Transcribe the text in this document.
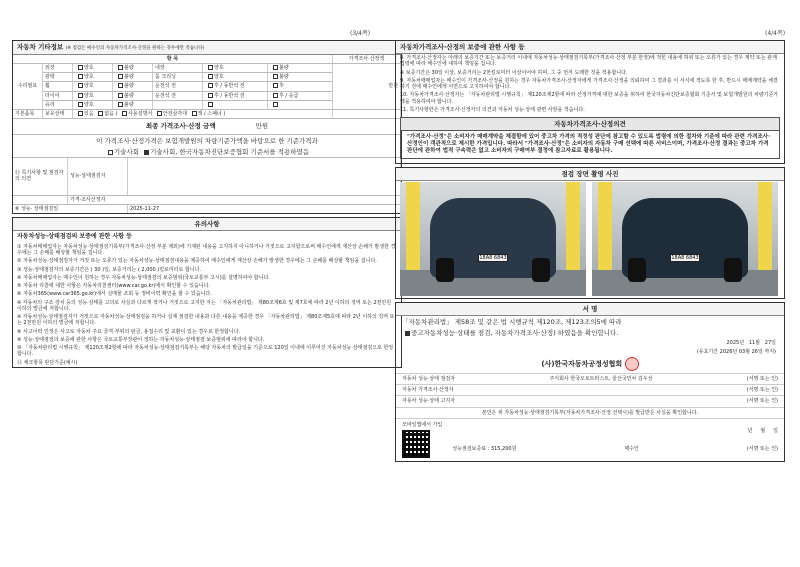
(3/4쪽)
자동차 기타정보 (※ 점검은 매수인의 자동차가격조사·산정을 원하는 경우에만 적습니다)
항 목	가격조사·산정액
수리필요
외장	양호	불량	내장	양호	불량
광택	양호	불량	룸 크리닝	양호	불량
휠	양호	불량	운전석 전	후 / 동반석 전	후
타이어	양호	불량	운전석 전	후 / 동반석 전	후 / 응급
유리	양호	불량
만원
기본품목	보유상태	있음 없음 ( 사용설명서 안전삼각대 잭 / 스패너 )
최종 가격조사·산정 금액	만원
이 가격조사·산정가격은 보험개발원의 차량기준가액을 바탕으로 한 기준가격과
기술사회 기술사회, 한국자동차진단보증협회 기준서를 적용하였음
⑪ 특기사항 및 점검자의 의견
성능·상태점검자
가격·조사산정자
⑥ 성능· 상태점검일	2025-11-27
유의사항
자동차성능·상태점검의 보증에 관한 사항 등

① 자동차매매업자는 자동차성능·상태점검기록부(가격조사·산정 부분 제외)에 기재된 내용을 고지하지 아니하거나 거짓으로 고지함으로써 매수인에게 재산상 손해가 발생한 경우에는 그 손해를 배상할 책임을 집니다.

② 자동차성능·상태점검자가 거짓 또는 오류가 있는 자동차성능·상태점검내용을 제공하여 매수인에게 재산상 손해가 발생한 경우에는 그 손해를 배상할 책임을 집니다.

③ 성능·상태점검자의 보증기간은 ( 30 )일, 보증거리는 ( 2,000 )킬로미터로 합니다.

④ 자동차매매업자는 매수인이 원하는 경우 자동차성능·상태점검의 보증범위(국토교통부 고시)를 설명하여야 합니다.

⑤ 자동차 리콜에 대한 사항은 자동차리콜센터(www.car.go.kr)에서 확인할 수 있습니다.

⑥ 자동차365(www.car365.go.kr)에서 실매물 조회 등 정비이력 확인을 할 수 있습니다.

※ 자동차의 구조·장치 등의 성능·상태를 고의로 사실과 다르게 적거나 거짓으로 고지한 자는 「자동차관리법」 제80조제6호 및 제7호에 따라 2년 이하의 징역 또는 2천만원 이하의 벌금에 처합니다.

※ 자동차성능·상태점검자가 거짓으로 자동차성능·상태점검을 하거나 실제 점검한 내용과 다른 내용을 제공한 경우 「자동차관리법」 제80조제5호에 따라 2년 이하의 징역 또는 2천만원 이하의 벌금에 처합니다.

⑧ 사고이력 인정은 사고로 자동차 주요 골격 부위의 판금, 용접수리 및 교환이 있는 경우로 한정합니다.

⑨ 성능·상태점검의 보증에 관한 사항은 국토교통부장관이 정하는 자동차성능·상태점검 보증범위에 따라야 합니다.

⑩ 「자동차관리법 시행규칙」 제120조제2항에 따라 자동차성능·상태점검기록부는 해당 자동차의 발급일을 기준으로 120일 이내에 이루어진 자동차성능·상태점검으로 한정합니다.

⑪ 체크항목 판단기준(예시)

(4/4쪽)
자동차가격조사·산정의 보증에 관한 사항 등

8. 가격조사·산정자는 아래의 보증기간 또는 보증거리 이내에 자동차성능·상태점검기록부(가격조사·산정 부분 한정)에 적힌 내용에 허위 또는 오류가 있는 경우 계약 또는 관계법령에 따라 매수인에 대하여 책임을 집니다.

※ 보증기간은 30일 이상, 보증거리는 2천킬로미터 이상이어야 하며, 그 중 먼저 도래한 것을 적용합니다.

9. 자동차매매업자는 매수인이 가격조사·산정을 원하는 경우 자동차가격조사·산정자에게 가격조사·산정을 의뢰하여 그 결과를 이 서식에 적도록 한 후, 반드시 매매계약을 체결하기 전에 매수인에게 서면으로 고지하여야 합니다.

10. 자동차가격조사·산정자는 「자동차관리법 시행규칙」 제120조제2항에 따라 산정가격에 대한 보증을 위하여 한국자동차진단보증협회 기준서 및 보험개발원의 차량기준가액을 적용하여야 합니다.

11. 특기사항란은 가격조사·산정자의 의견과 자동차 성능·상태 관련 사항을 적습니다.

자동차가격조사·산정의견
"가격조사·산정"은 소비자가 매매계약을 체결함에 있어 중고차 가격의 적정성 판단에 참고할 수 있도록 법령에 의한 절차와 기준에 따라 관련 가격조사·산정인이 객관적으로 제시한 가격입니다. 따라서 "가격조사·산정"은 소비자의 자동차 구매 선택에 따른 서비스이며, 가격조사·산정 결과는 중고차 가격판단에 관하여 법적 구속력은 없고 소비자의 구매여부 결정에 참고자료로 활용됩니다.
점검 장면 촬영 사진
18A8 6843	18A8 6843
서 명
「자동차관리법」 제58조 및 같은 법 시행규칙 제120조, 제123조의5에 따라
중고자동차성능·상태를 점검, 자동차가격조사·산정) 하였음을 확인합니다.
2025년 11월 27일
(유효기간 2026년 03월 26일 까지)
(사)한국자동차공정성협회
자동차 성능·상태 점검자	주식회사 한국오토트러스트, 울산국민차 김우성	(서명 또는 인)
자동차 가격조사·산정자	(서명 또는 인)
자동차 성능·상태 고지자	(서명 또는 인)
본인은 위 자동차성능·상태점검기록부(자동차가격조사·산정 선택시)를 발급받은 사실을 확인합니다.
모바일앱에서 가입
년 월 일
성능점검보증료 : 315,200원	매수인	(서명 또는 인)
